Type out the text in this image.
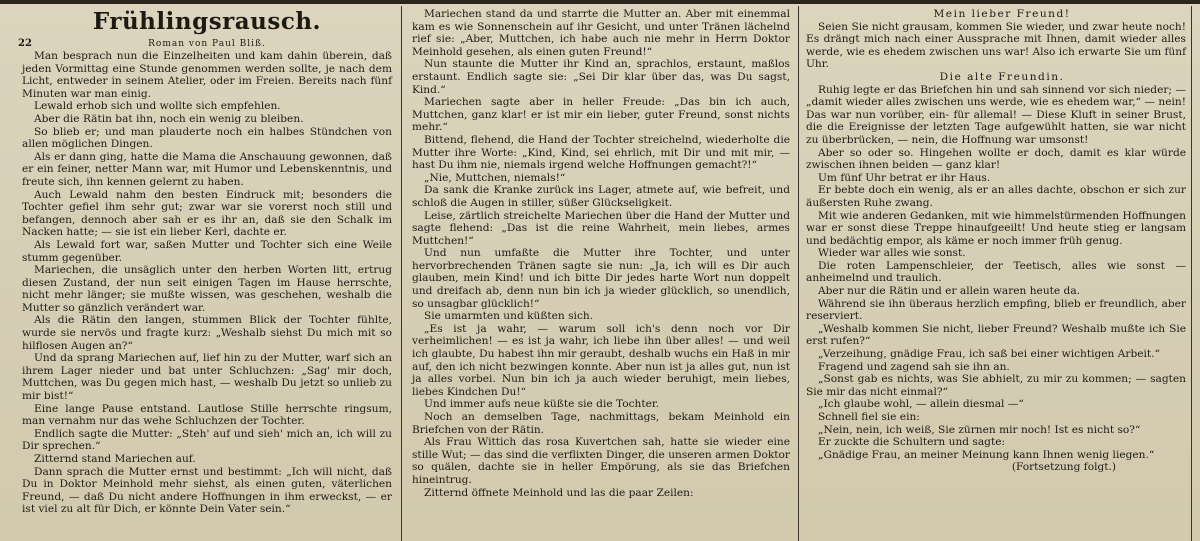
Frühlingsrausch.
22	Roman von Paul Bliß.

Man besprach nun die Einzelheiten und kam dahin überein, daß jeden Vormittag eine Stunde genommen werden sollte, je nach dem Licht, entweder in seinem Atelier, oder im Freien. Bereits nach fünf Minuten war man einig.

Lewald erhob sich und wollte sich empfehlen.

Aber die Rätin bat ihn, noch ein wenig zu bleiben.

So blieb er; und man plauderte noch ein halbes Stündchen von allen möglichen Dingen.

Als er dann ging, hatte die Mama die Anschauung gewonnen, daß er ein feiner, netter Mann war, mit Humor und Lebenskenntnis, und freute sich, ihn kennen gelernt zu haben.

Auch Lewald nahm den besten Eindruck mit; besonders die Tochter gefiel ihm sehr gut; zwar war sie vorerst noch still und befangen, dennoch aber sah er es ihr an, daß sie den Schalk im Nacken hatte; — sie ist ein lieber Kerl, dachte er.

Als Lewald fort war, saßen Mutter und Tochter sich eine Weile stumm gegenüber.

Mariechen, die unsäglich unter den herben Worten litt, ertrug diesen Zustand, der nun seit einigen Tagen im Hause herrschte, nicht mehr länger; sie mußte wissen, was geschehen, weshalb die Mutter so gänzlich verändert war.

Als die Rätin den langen, stummen Blick der Tochter fühlte, wurde sie nervös und fragte kurz: „Weshalb siehst Du mich mit so hilflosen Augen an?“

Und da sprang Mariechen auf, lief hin zu der Mutter, warf sich an ihrem Lager nieder und bat unter Schluchzen: „Sag' mir doch, Muttchen, was Du gegen mich hast, — weshalb Du jetzt so unlieb zu mir bist!“

Eine lange Pause entstand. Lautlose Stille herrschte ringsum, man vernahm nur das wehe Schluchzen der Tochter.

Endlich sagte die Mutter: „Steh' auf und sieh' mich an, ich will zu Dir sprechen.“

Zitternd stand Mariechen auf.

Dann sprach die Mutter ernst und bestimmt: „Ich will nicht, daß Du in Doktor Meinhold mehr siehst, als einen guten, väterlichen Freund, — daß Du nicht andere Hoffnungen in ihm erweckst, — er ist viel zu alt für Dich, er könnte Dein Vater sein.“

Mariechen stand da und starrte die Mutter an. Aber mit einemmal kam es wie Sonnenschein auf ihr Gesicht, und unter Tränen lächelnd rief sie: „Aber, Muttchen, ich habe auch nie mehr in Herrn Doktor Meinhold gesehen, als einen guten Freund!“

Nun staunte die Mutter ihr Kind an, sprachlos, erstaunt, maßlos erstaunt. Endlich sagte sie: „Sei Dir klar über das, was Du sagst, Kind.“

Mariechen sagte aber in heller Freude: „Das bin ich auch, Muttchen, ganz klar! er ist mir ein lieber, guter Freund, sonst nichts mehr.“

Bittend, flehend, die Hand der Tochter streichelnd, wiederholte die Mutter ihre Worte: „Kind, Kind, sei ehrlich, mit Dir und mit mir, — hast Du ihm nie, niemals irgend welche Hoffnungen gemacht?!“

„Nie, Muttchen, niemals!“

Da sank die Kranke zurück ins Lager, atmete auf, wie befreit, und schloß die Augen in stiller, süßer Glückseligkeit.

Leise, zärtlich streichelte Mariechen über die Hand der Mutter und sagte flehend: „Das ist die reine Wahrheit, mein liebes, armes Muttchen!“

Und nun umfaßte die Mutter ihre Tochter, und unter hervorbrechenden Tränen sagte sie nun: „Ja, ich will es Dir auch glauben, mein Kind! und ich bitte Dir jedes harte Wort nun doppelt und dreifach ab, denn nun bin ich ja wieder glücklich, so unendlich, so unsagbar glücklich!“

Sie umarmten und küßten sich.

„Es ist ja wahr, — warum soll ich's denn noch vor Dir verheimlichen! — es ist ja wahr, ich liebe ihn über alles! — und weil ich glaubte, Du habest ihn mir geraubt, deshalb wuchs ein Haß in mir auf, den ich nicht bezwingen konnte. Aber nun ist ja alles gut, nun ist ja alles vorbei. Nun bin ich ja auch wieder beruhigt, mein liebes, liebes Kindchen Du!“

Und immer aufs neue küßte sie die Tochter.

Noch an demselben Tage, nachmittags, bekam Meinhold ein Briefchen von der Rätin.

Als Frau Wittich das rosa Kuvertchen sah, hatte sie wieder eine stille Wut; — das sind die verflixten Dinger, die unseren armen Doktor so quälen, dachte sie in heller Empörung, als sie das Briefchen hineintrug.

Zitternd öffnete Meinhold und las die paar Zeilen:

Mein lieber Freund!

Seien Sie nicht grausam, kommen Sie wieder, und zwar heute noch! Es drängt mich nach einer Aussprache mit Ihnen, damit wieder alles werde, wie es ehedem zwischen uns war! Also ich erwarte Sie um fünf Uhr.

Die alte Freundin.

Ruhig legte er das Briefchen hin und sah sinnend vor sich nieder; — „damit wieder alles zwischen uns werde, wie es ehedem war,“ — nein! Das war nun vorüber, ein- für allemal! — Diese Kluft in seiner Brust, die die Ereignisse der letzten Tage aufgewühlt hatten, sie war nicht zu überbrücken, — nein, die Hoffnung war umsonst!

Aber so oder so. Hingehen wollte er doch, damit es klar würde zwischen ihnen beiden — ganz klar!

Um fünf Uhr betrat er ihr Haus.

Er bebte doch ein wenig, als er an alles dachte, obschon er sich zur äußersten Ruhe zwang.

Mit wie anderen Gedanken, mit wie himmelstürmenden Hoffnungen war er sonst diese Treppe hinaufgeeilt! Und heute stieg er langsam und bedächtig empor, als käme er noch immer früh genug.

Wieder war alles wie sonst.

Die roten Lampenschleier, der Teetisch, alles wie sonst — anheimelnd und traulich.

Aber nur die Rätin und er allein waren heute da.

Während sie ihn überaus herzlich empfing, blieb er freundlich, aber reserviert.

„Weshalb kommen Sie nicht, lieber Freund? Weshalb mußte ich Sie erst rufen?“

„Verzeihung, gnädige Frau, ich saß bei einer wichtigen Arbeit.“

Fragend und zagend sah sie ihn an.

„Sonst gab es nichts, was Sie abhielt, zu mir zu kommen; — sagten Sie mir das nicht einmal?“

„Ich glaube wohl, — allein diesmal —“

Schnell fiel sie ein:

„Nein, nein, ich weiß, Sie zürnen mir noch! Ist es nicht so?“

Er zuckte die Schultern und sagte:

„Gnädige Frau, an meiner Meinung kann Ihnen wenig liegen.“

(Fortsetzung folgt.)
